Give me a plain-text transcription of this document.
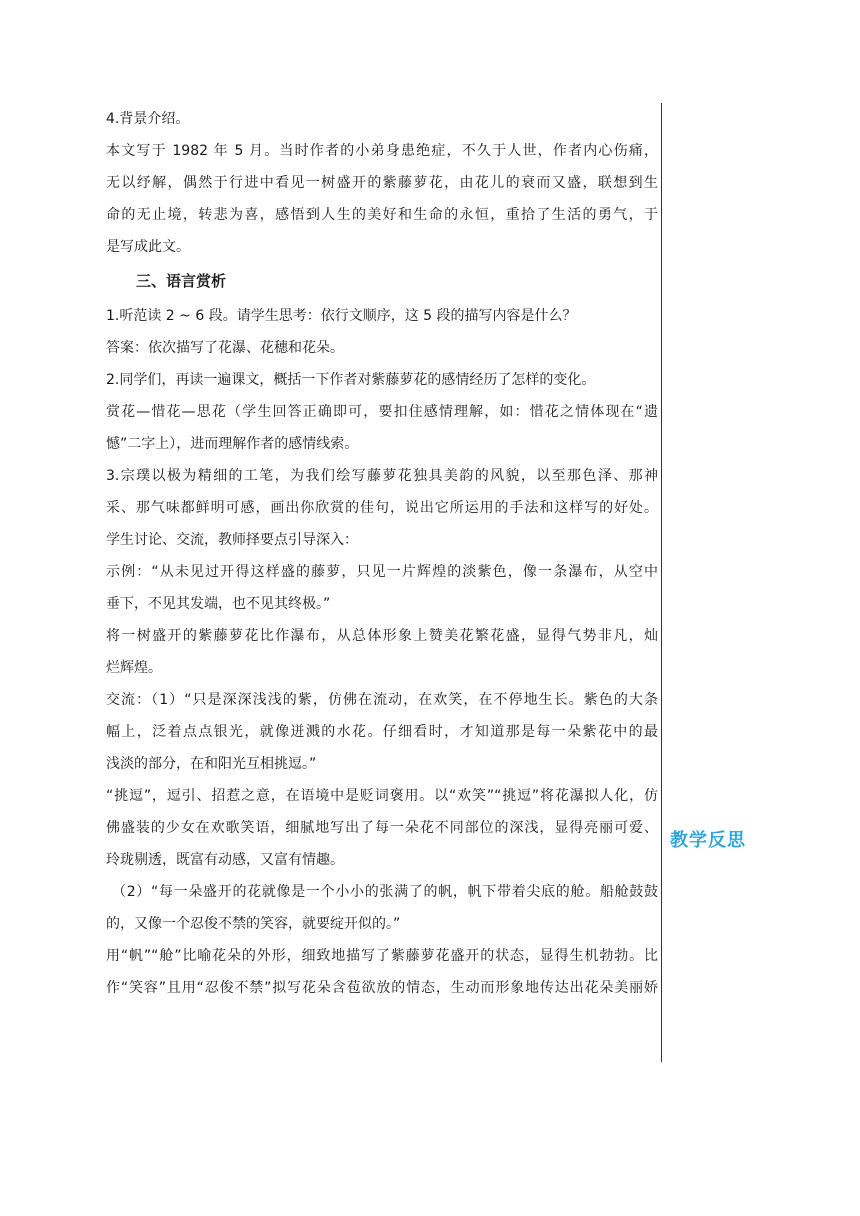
4.背景介绍。
本文写于 1982 年 5 月。当时作者的小弟身患绝症，不久于人世，作者内心伤痛，
无以纾解，偶然于行进中看见一树盛开的紫藤萝花，由花儿的衰而又盛，联想到生
命的无止境，转悲为喜，感悟到人生的美好和生命的永恒，重拾了生活的勇气，于
是写成此文。
三、语言赏析
1.听范读 2 ~ 6 段。请学生思考：依行文顺序，这 5 段的描写内容是什么？
答案：依次描写了花瀑、花穗和花朵。
2.同学们，再读一遍课文，概括一下作者对紫藤萝花的感情经历了怎样的变化。
赏花—惜花—思花（学生回答正确即可，要扣住感情理解，如：惜花之情体现在“遗
憾”二字上），进而理解作者的感情线索。
3.宗璞以极为精细的工笔，为我们绘写藤萝花独具美韵的风貌，以至那色泽、那神
采、那气味都鲜明可感，画出你欣赏的佳句，说出它所运用的手法和这样写的好处。
学生讨论、交流，教师择要点引导深入：
示例：“从未见过开得这样盛的藤萝，只见一片辉煌的淡紫色，像一条瀑布，从空中
垂下，不见其发端，也不见其终极。”
将一树盛开的紫藤萝花比作瀑布，从总体形象上赞美花繁花盛，显得气势非凡，灿
烂辉煌。
交流：（1）“只是深深浅浅的紫，仿佛在流动，在欢笑，在不停地生长。紫色的大条
幅上，泛着点点银光，就像迸溅的水花。仔细看时，才知道那是每一朵紫花中的最
浅淡的部分，在和阳光互相挑逗。”
“挑逗”，逗引、招惹之意，在语境中是贬词褒用。以“欢笑”“挑逗”将花瀑拟人化，仿
佛盛装的少女在欢歌笑语，细腻地写出了每一朵花不同部位的深浅，显得亮丽可爱、
玲珑剔透，既富有动感，又富有情趣。
（2）“每一朵盛开的花就像是一个小小的张满了的帆，帆下带着尖底的舱。船舱鼓鼓
的，又像一个忍俊不禁的笑容，就要绽开似的。”
用“帆”“舱”比喻花朵的外形，细致地描写了紫藤萝花盛开的状态，显得生机勃勃。比
作“笑容”且用“忍俊不禁”拟写花朵含苞欲放的情态，生动而形象地传达出花朵美丽娇
教学反思
